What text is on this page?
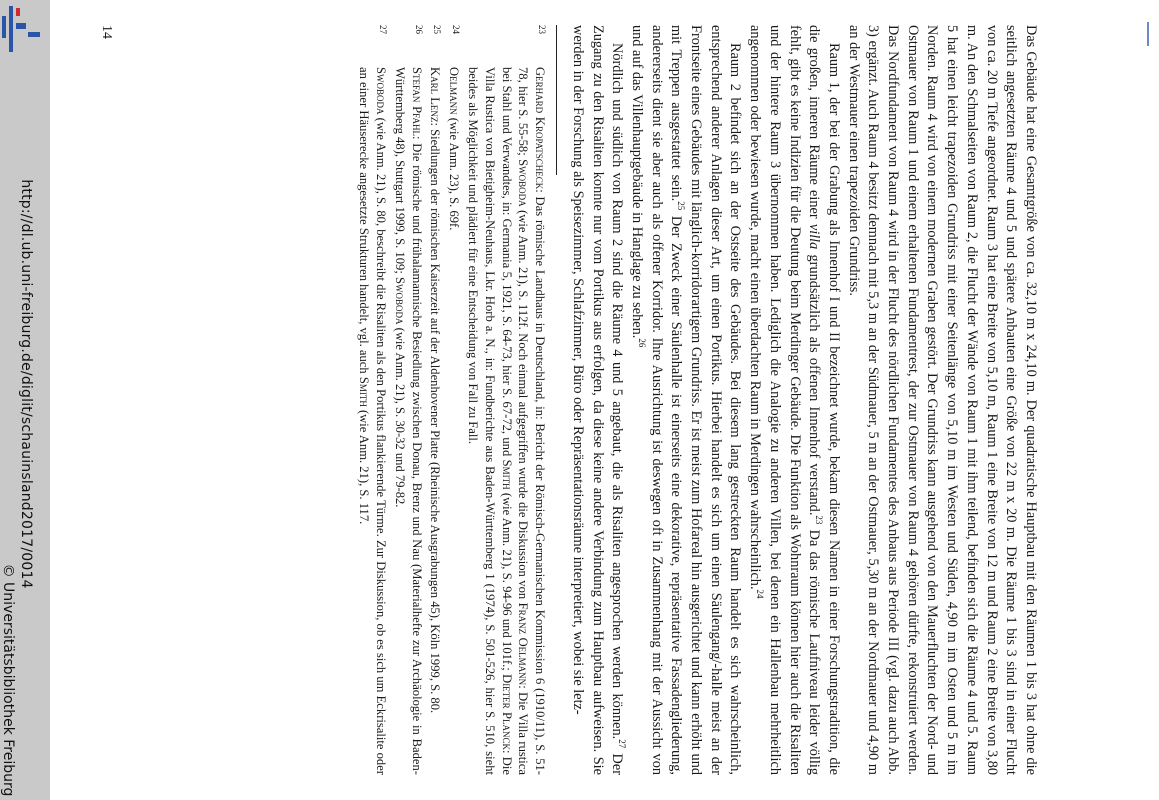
http://dl.ub.uni-freiburg.de/diglit/schauinsland2017/0014
© Universitätsbibliothek Freiburg	Das Gebäude hat eine Gesamtgröße von ca. 32,10 m x 24,10 m. Der quadratische Hauptbau mit den Räumen 1 bis 3 hat ohne die seitlich angesetzten Räume 4 und 5 und spätere Anbauten eine Größe von 22 m x 20 m. Die Räume 1 bis 3 sind in einer Flucht von ca. 20 m Tiefe angeordnet. Raum 3 hat eine Breite von 5,10 m, Raum 1 eine Breite von 12 m und Raum 2 eine Breite von 3,80 m. An den Schmalseiten von Raum 2, die Flucht der Wände von Raum 1 mit ihm teilend, befinden sich die Räume 4 und 5. Raum 5 hat einen leicht trapezoiden Grundriss mit einer Seitenlänge von 5,10 m im Westen und Süden, 4,90 m im Osten und 5 m im Norden. Raum 4 wird von einem modernen Graben gestört. Der Grundriss kann ausgehend von den Mauerfluchten der Nord- und Ostmauer von Raum 1 und einem erhaltenen Fundamentrest, der zur Ostmauer von Raum 4 gehören dürfte, rekonstruiert werden. Das Nordfundament von Raum 4 wird in der Flucht des nördlichen Fundamentes des Anbaus aus Periode III (vgl. dazu auch Abb. 3) ergänzt. Auch Raum 4 besitzt demnach mit 5,3 m an der Südmauer, 5 m an der Ostmauer, 5,30 m an der Nordmauer und 4,90 m an der Westmauer einen trapezoiden Grundriss.

Raum 1, der bei der Grabung als Innenhof I und II bezeichnet wurde, bekam diesen Namen in einer Forschungstradition, die die großen, inneren Räume einer villa grundsätzlich als offenen Innenhof verstand.$^{23}$ Da das römische Laufniveau leider völlig fehlt, gibt es keine Indizien für die Deutung beim Merdinger Gebäude. Die Funktion als Wohnraum können hier auch die Risaliten und der hintere Raum 3 übernommen haben. Lediglich die Analogie zu anderen Villen, bei denen ein Hallenbau mehrheitlich angenommen oder bewiesen wurde, macht einen überdachten Raum in Merdingen wahrscheinlich.$^{24}$

Raum 2 befindet sich an der Ostseite des Gebäudes. Bei diesem lang gestreckten Raum handelt es sich wahrscheinlich, entsprechend anderer Anlagen dieser Art, um einen Portikus. Hierbei handelt es sich um einen Säulengang/-halle meist an der Frontseite eines Gebäudes mit länglich-korridorartigem Grundriss. Er ist meist zum Hofareal hin ausgerichtet und kann erhöht und mit Treppen ausgestattet sein.$^{25}$ Der Zweck einer Säulenhalle ist einerseits eine dekorative, repräsentative Fassadengliederung, andererseits dient sie aber auch als offener Korridor. Ihre Ausrichtung ist deswegen oft in Zusammenhang mit der Aussicht von und auf das Villenhauptgebäude in Hanglage zu sehen.$^{26}$

Nördlich und südlich von Raum 2 sind die Räume 4 und 5 angebaut, die als Risaliten angesprochen werden können.$^{27}$ Der Zugang zu den Risaliten konnte nur vom Portikus aus erfolgen, da diese keine andere Verbindung zum Hauptbau aufweisen. Sie werden in der Forschung als Speisezimmer, Schlafzimmer, Büro oder Repräsentationsräume interpretiert, wobei sie letz-

23
Gerhard Kropatscheck: Das römische Landhaus in Deutschland, in: Bericht der Römisch-Germanischen Kommission 6 (1910/11), S. 51-78, hier S. 55-58; Swoboda (wie Anm. 21), S. 112f. Noch einmal aufgegriffen wurde die Diskussion von Franz Oelmann: Die Villa rustica bei Stahl und Verwandtes, in: Germania 5, 1921, S. 64-73, hier S. 67-72, und Smith (wie Anm. 21), S. 94-96 und 101f.; Dieter Planck: Die Villa Rustica von Bietigheim-Neuhaus, Lkr. Horb a. N., in: Fundberichte aus Baden-Württemberg 1 (1974), S. 501-526, hier S. 510, sieht beides als Möglichkeit und plädiert für eine Entscheidung von Fall zu Fall.
24
Oelmann (wie Anm. 23), S. 69f.
25
Karl Lenz: Siedlungen der römischen Kaiserzeit auf der Aldenhovener Platte (Rheinische Ausgrabungen 45), Köln 1999, S. 80.
26
Stefan Pfahl: Die römische und frühalamannische Besiedlung zwischen Donau, Brenz und Nau (Materialhefte zur Archäologie in Baden-Württemberg 48), Stuttgart 1999, S. 109; Swoboda (wie Anm. 21), S. 30-32 und 79-82.
27
Swoboda (wie Anm. 21), S. 80, beschreibt die Risaliten als den Portikus flankierende Türme. Zur Diskussion, ob es sich um Eckrisalite oder an einer Häuserecke angesetzte Strukturen handelt, vgl. auch Smith (wie Anm. 21), S. 117.
14
